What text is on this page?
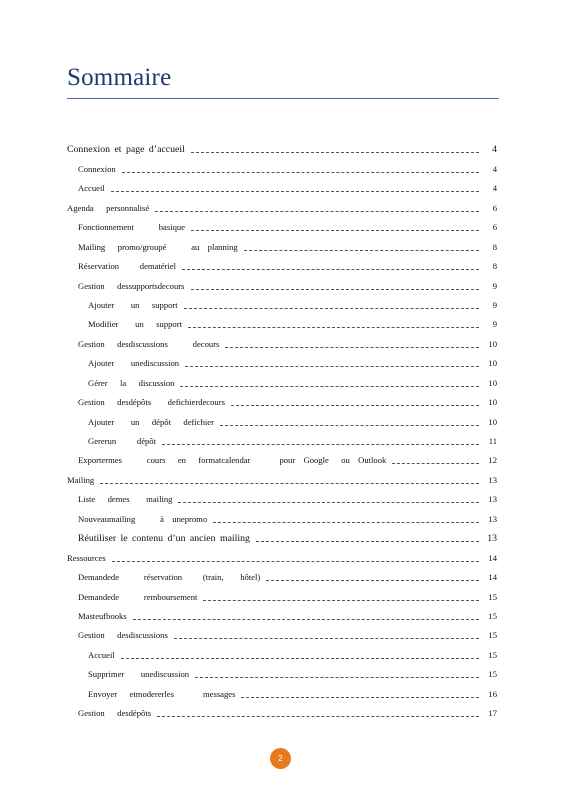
Sommaire
Connexion et page d’accueil	4
Connexion	4
Accueil	4
Agenda   personnalisé	6
Fonctionnement      basique	6
Mailing   promo/groupé      au  planning	8
Réservation     dematériel	8
Gestion   dessupportsdecours	9
Ajouter    un   support	9
Modifier    un   support	9
Gestion   desdiscussions      decours	10
Ajouter    unediscussion	10
Gérer   la   discussion	10
Gestion   desdépôts    defichierdecours	10
Ajouter    un   dépôt   defichier	10
Gererun     dépôt	11
Exportermes      cours   en   formatcalendar       pour  Google   ou  Outlook	12
Mailing	13
Liste   demes    mailing	13
Nouveaumailing      à  unepromo	13
Réutiliser le contenu d’un ancien mailing	13
Ressources	14
Demandede      réservation     (train,    hôtel)	14
Demandede      remboursement	15
Masteufbooks	15
Gestion   desdiscussions	15
Accueil	15
Supprimer    unediscussion	15
Envoyer   etmodererles       messages	16
Gestion   desdépôts	17
2
